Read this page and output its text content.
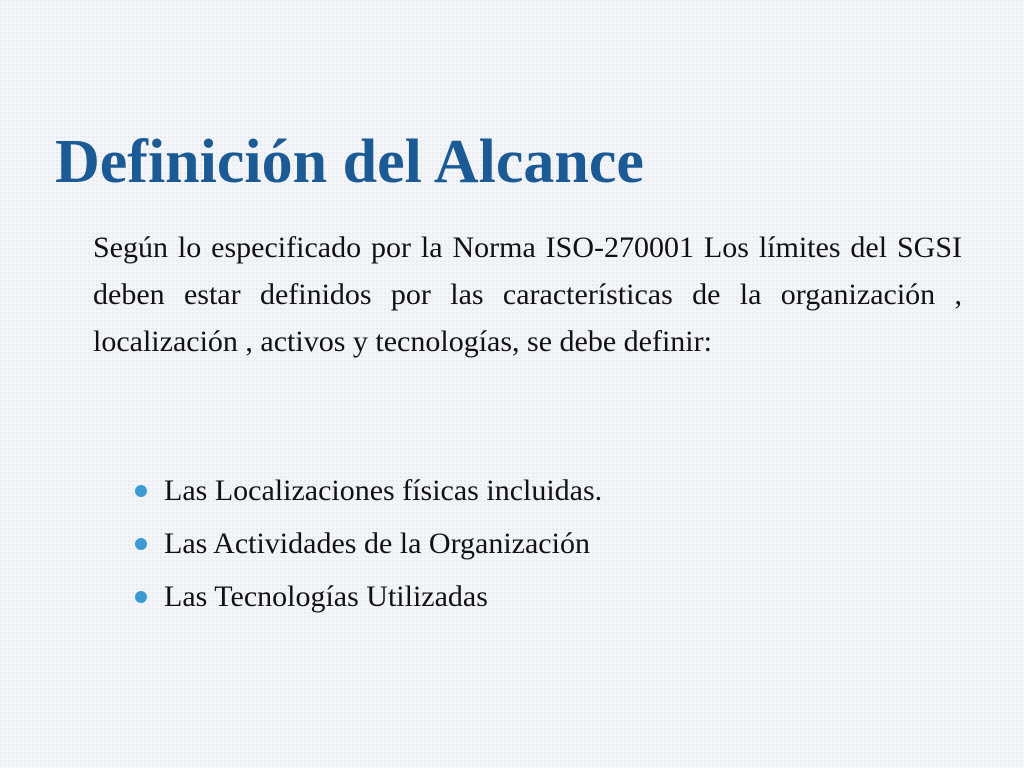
Definición del Alcance

Según lo especificado por la Norma ISO-270001 Los límites del SGSI deben estar definidos por las características de la organización , localización , activos y tecnologías, se debe definir:

Las Localizaciones físicas incluidas.
Las Actividades de la Organización
Las Tecnologías Utilizadas
